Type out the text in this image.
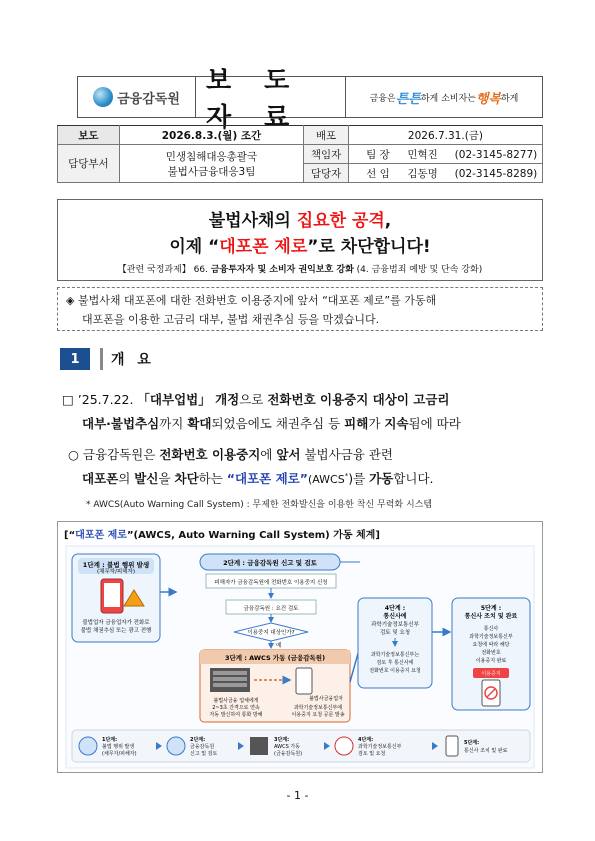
금융감독원
보 도 자 료
금융은 튼튼 하게 소비자는 행복 하게
보도	2026.8.3.(월) 조간	배포	2026.7.31.(금)
담당부서	민생침해대응총괄국
불법사금융대응3팀	책임자	팀 장 민혁진 (02-3145-8277)
		담당자	선 임 김동명 (02-3145-8289)
불법사채의 집요한 공격,
이제 “대포폰 제로”로 차단합니다!
【관련 국정과제】 66. 금융투자자 및 소비자 권익보호 강화 (4. 금융범죄 예방 및 단속 강화)
◈ 불법사채 대포폰에 대한 전화번호 이용중지에 앞서 “대포폰 제로”를 가동해
대포폰을 이용한 고금리 대부, 불법 채권추심 등을 막겠습니다.
1	개 요
□ ’25.7.22. 「대부업법」 개정으로 전화번호 이용중지 대상이 고금리
대부·불법추심까지 확대되었음에도 채권추심 등 피해가 지속됨에 따라
○ 금융감독원은 전화번호 이용중지에 앞서 불법사금융 관련
대포폰의 발신을 차단하는 “대포폰 제로”(AWCS*)를 가동합니다.
* AWCS(Auto Warning Call System) : 무제한 전화발신을 이용한 착신 무력화 시스템
[“대포폰 제로”(AWCS, Auto Warning Call System) 가동 체계]
1단계 : 불법 행위 발생
(채무자/피해자)
불법업자 금융업자가 전화로
불법 채권추심 또는 광고 전행
2단계 : 금융감독원 신고 및 검토
피해자가 금융감독원에 전화번호 이용중지 신청
금융감독원 : 요건 검토
이용중지 대상인가?
예
3단계 : AWCS 가동 (금융감독원)
불법사금융업자
불법사금융 업체에게
2~3초 간격으로 연속
자동 발신하여 통화 방해
과학기술정보통신부에
이용중지 요청 공문 발송
4단계 :
통신사에
과학기술정보통신부
검토 및 요청
과학기술정보통신부는
검토 후 통신사에
전화번호 이용중지 요청
5단계 :
통신사 조치 및 완료
통신사
과학기술정보통신부
요청에 따라 해당
전화번호
이용중지 완료
이용중지
1단계:
불법 행위 발생
(채무자/피해자)
2단계:
금융감독원
신고 및 검토
3단계:
AWCS 가동
(금융감독원)
4단계:
과학기술정보통신부
검토 및 요청
5단계:
통신사 조치 및 완료
- 1 -
